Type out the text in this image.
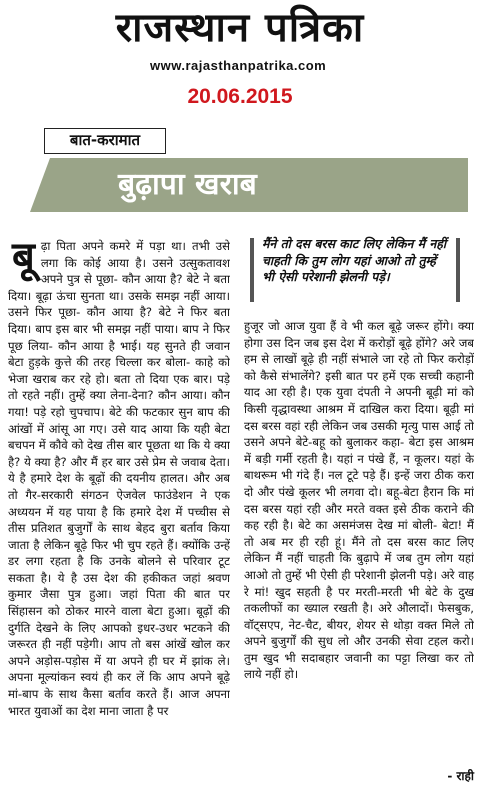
राजस्थान पत्रिका
www.rajasthanpatrika.com
20.06.2015
बात-करामात
बुढ़ापा खराब
बूढ़ा पिता अपने कमरे में पड़ा था। तभी उसे लगा कि कोई आया है। उसने उत्सुकतावश अपने पुत्र से पूछा- कौन आया है? बेटे ने बता दिया। बूढ़ा ऊंचा सुनता था। उसके समझ नहीं आया। उसने फिर पूछा- कौन आया है? बेटे ने फिर बता दिया। बाप इस बार भी समझ नहीं पाया। बाप ने फिर पूछ लिया- कौन आया है भाई। यह सुनते ही जवान बेटा हुड़के कुत्ते की तरह चिल्ला कर बोला- काहे को भेजा खराब कर रहे हो। बता तो दिया एक बार। पड़े तो रहते नहीं। तुम्हें क्या लेना-देना? कौन आया। कौन गया! पड़े रहो चुपचाप। बेटे की फटकार सुन बाप की आंखों में आंसू आ गए। उसे याद आया कि यही बेटा बचपन में कौवे को देख तीस बार पूछता था कि ये क्या है? ये क्या है? और मैं हर बार उसे प्रेम से जवाब देता। ये है हमारे देश के बूढ़ों की दयनीय हालत। और अब तो गैर-सरकारी संगठन ऐजवेल फाउंडेशन ने एक अध्ययन में यह पाया है कि हमारे देश में पच्चीस से तीस प्रतिशत बुजुर्गों के साथ बेहद बुरा बर्ताव किया जाता है लेकिन बूढ़े फिर भी चुप रहते हैं। क्योंकि उन्हें डर लगा रहता है कि उनके बोलने से परिवार टूट सकता है। ये है उस देश की हकीकत जहां श्रवण कुमार जैसा पुत्र हुआ। जहां पिता की बात पर सिंहासन को ठोकर मारने वाला बेटा हुआ। बूढ़ों की दुर्गति देखने के लिए आपको इधर-उधर भटकने की जरूरत ही नहीं पड़ेगी। आप तो बस आंखें खोल कर अपने अड़ोस-पड़ोस में या अपने ही घर में झांक ले। अपना मूल्यांकन स्वयं ही कर लें कि आप अपने बूढ़े मां-बाप के साथ कैसा बर्ताव करते हैं। आज अपना भारत युवाओं का देश माना जाता है पर
मैंने तो दस बरस काट लिए लेकिन मैं नहीं चाहती कि तुम लोग यहां आओ तो तुम्हें भी ऐसी परेशानी झेलनी पड़े।
हुजूर जो आज युवा हैं वे भी कल बूढ़े जरूर होंगे। क्या होगा उस दिन जब इस देश में करोड़ों बूढ़े होंगे? अरे जब हम से लाखों बूढ़े ही नहीं संभाले जा रहे तो फिर करोड़ों को कैसे संभालेंगे? इसी बात पर हमें एक सच्ची कहानी याद आ रही है। एक युवा दंपती ने अपनी बूढ़ी मां को किसी वृद्धावस्था आश्रम में दाखिल करा दिया। बूढ़ी मां दस बरस वहां रही लेकिन जब उसकी मृत्यु पास आई तो उसने अपने बेटे-बहू को बुलाकर कहा- बेटा इस आश्रम में बड़ी गर्मी रहती है। यहां न पंखे हैं, न कूलर। यहां के बाथरूम भी गंदे हैं। नल टूटे पड़े हैं। इन्हें जरा ठीक करा दो और पंखे कूलर भी लगवा दो। बहू-बेटा हैरान कि मां दस बरस यहां रही और मरते वक्त इसे ठीक कराने की कह रही है। बेटे का असमंजस देख मां बोली- बेटा! मैं तो अब मर ही रही हूं। मैंने तो दस बरस काट लिए लेकिन मैं नहीं चाहती कि बुढ़ापे में जब तुम लोग यहां आओ तो तुम्हें भी ऐसी ही परेशानी झेलनी पड़े। अरे वाह रे मां! खुद सहती है पर मरती-मरती भी बेटे के दुख तकलीफों का ख्याल रखती है। अरे औलादों। फेसबुक, वॉट्सएप, नेट-चैट, बीयर, शेयर से थोड़ा वक्त मिले तो अपने बुजुर्गों की सुध लो और उनकी सेवा टहल करो। तुम खुद भी सदाबहार जवानी का पट्टा लिखा कर तो लाये नहीं हो।
- राही
